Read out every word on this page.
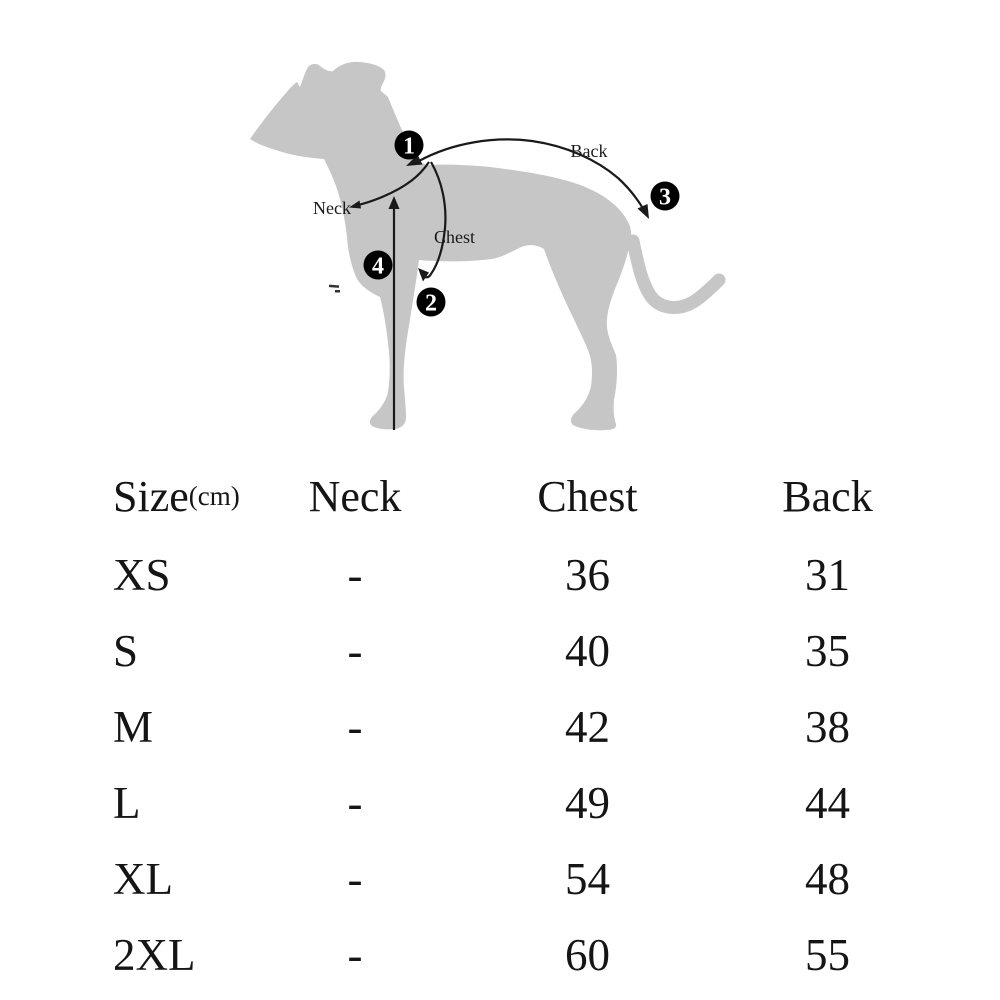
Neck
Chest
Back
1
2
3
4
Size (cm)	Neck	Chest	Back
XS	-	36	31
S	-	40	35
M	-	42	38
L	-	49	44
XL	-	54	48
2XL	-	60	55
